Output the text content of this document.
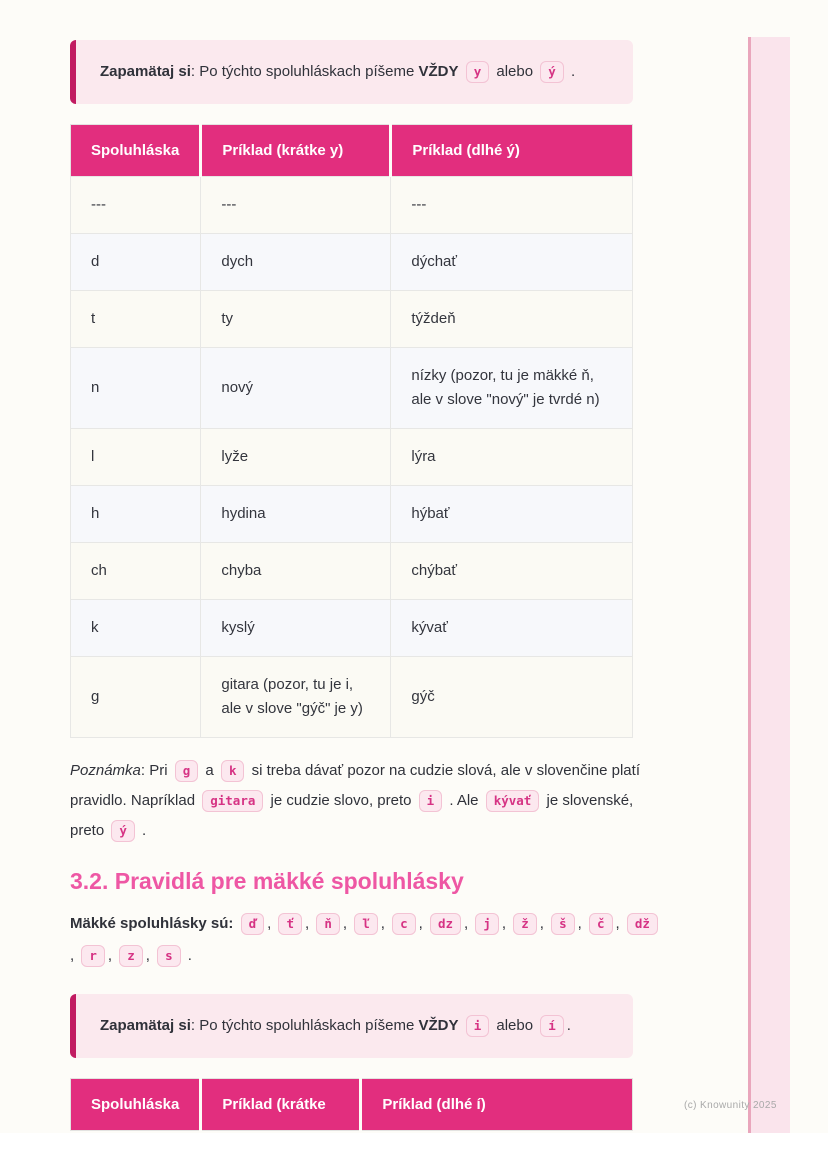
Zapamätaj si: Po týchto spoluhláskach píšeme VŽDY y alebo ý .

Spoluhláska	Príklad (krátke y)	Príklad (dlhé ý)
---	---	---
d	dych	dýchať
t	ty	týždeň
n	nový	nízky (pozor, tu je mäkké ň, ale v slove "nový" je tvrdé n)
l	lyže	lýra
h	hydina	hýbať
ch	chyba	chýbať
k	kyslý	kývať
g	gitara (pozor, tu je i, ale v slove "gýč" je y)	gýč

Poznámka: Pri g a k si treba dávať pozor na cudzie slová, ale v slovenčine platí pravidlo. Napríklad gitara je cudzie slovo, preto i . Ale kývať je slovenské, preto ý .

3.2. Pravidlá pre mäkké spoluhlásky

Mäkké spoluhlásky sú: ď , ť , ň , ľ , c , dz , j , ž , š , č , dž, r , z , s .

Zapamätaj si: Po týchto spoluhláskach píšeme VŽDY i alebo í .

Spoluhláska	Príklad (krátke	Príklad (dlhé í)	(c) Knowunity 2025
